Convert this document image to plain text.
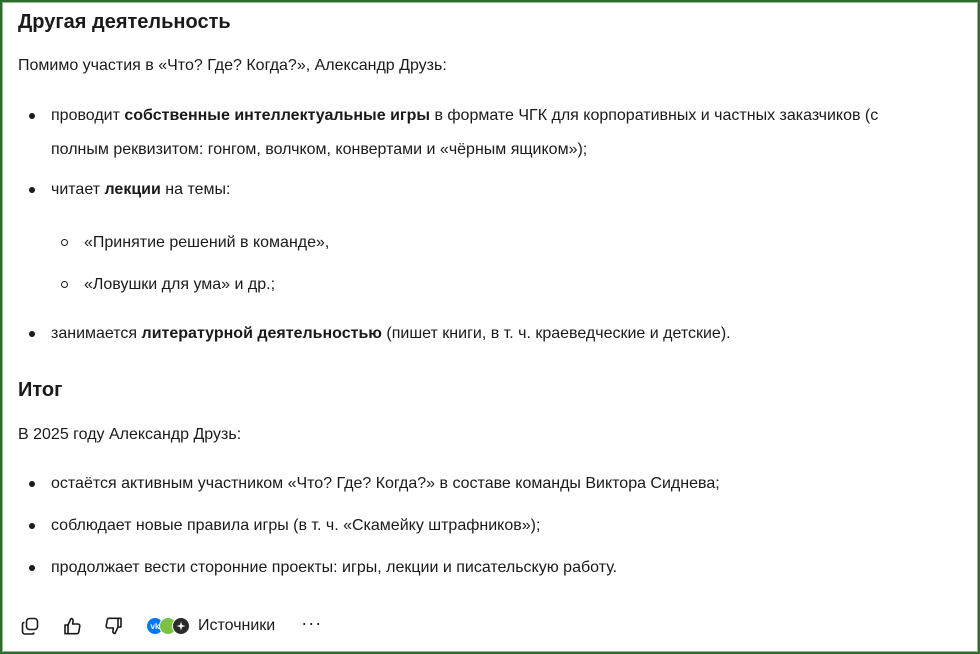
Другая деятельность
Помимо участия в «Что? Где? Когда?», Александр Друзь:
проводит собственные интеллектуальные игры в формате ЧГК для корпоративных и частных заказчиков (с полным реквизитом: гонгом, волчком, конвертами и «чёрным ящиком»);
читает лекции на темы:
«Принятие решений в команде»,
«Ловушки для ума» и др.;
занимается литературной деятельностью (пишет книги, в т. ч. краеведческие и детские).
Итог
В 2025 году Александр Друзь:
остаётся активным участником «Что? Где? Когда?» в составе команды Виктора Сиднева;
соблюдает новые правила игры (в т. ч. «Скамейку штрафников»);
продолжает вести сторонние проекты: игры, лекции и писательскую работу.
vk Источники ···
